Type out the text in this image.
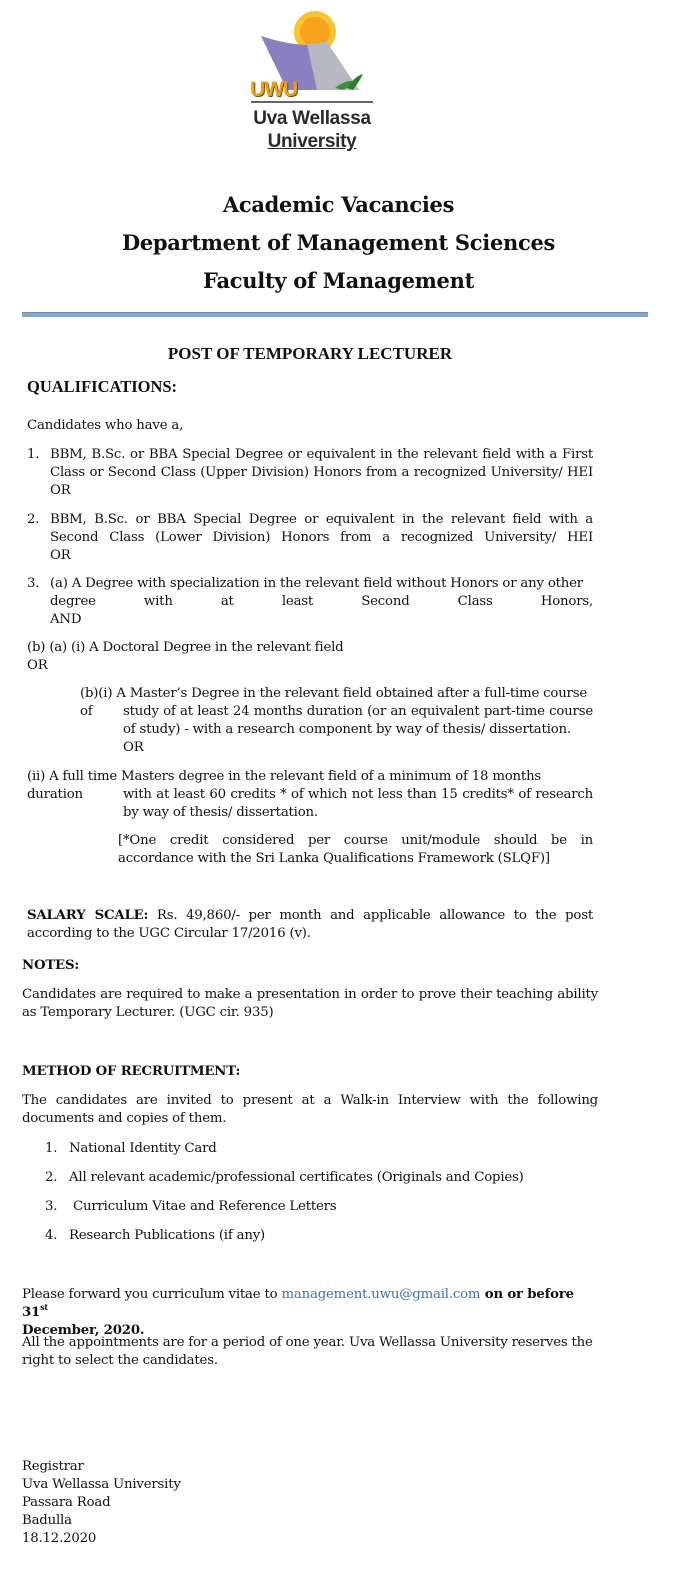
UWU
Uva Wellassa
University
Academic Vacancies
Department of Management Sciences
Faculty of Management
POST OF TEMPORARY LECTURER
QUALIFICATIONS:
Candidates who have a,
1. BBM, B.Sc. or BBA Special Degree or equivalent in the relevant field with a First Class or Second Class (Upper Division) Honors from a recognized University/ HEI
OR
2. BBM, B.Sc. or BBA Special Degree or equivalent in the relevant field with a Second Class (Lower Division) Honors from a recognized University/ HEI
OR
3. (a) A Degree with specialization in the relevant field without Honors or any other
degree with at least Second Class Honors,
AND
(b) (a) (i) A Doctoral Degree in the relevant field
OR
(b)(i) A Master’s Degree in the relevant field obtained after a full-time course of	study of at least 24 months duration (or an equivalent part-time course of study) - with a research component by way of thesis/ dissertation.
OR
(ii) A full time Masters degree in the relevant field of a minimum of 18 months duration	with at least 60 credits * of which not less than 15 credits* of research by way of thesis/ dissertation.
[*One credit considered per course unit/module should be in accordance with the Sri Lanka Qualifications Framework (SLQF)]
SALARY SCALE: Rs. 49,860/- per month and applicable allowance to the post according to the UGC Circular 17/2016 (v).
NOTES:
Candidates are required to make a presentation in order to prove their teaching ability as Temporary Lecturer. (UGC cir. 935)
METHOD OF RECRUITMENT:
The candidates are invited to present at a Walk-in Interview with the following
documents and copies of them.
1. National Identity Card
2. All relevant academic/professional certificates (Originals and Copies)
3. Curriculum Vitae and Reference Letters
4. Research Publications (if any)
Please forward you curriculum vitae to management.uwu@gmail.com on or before 31st
December, 2020.
All the appointments are for a period of one year. Uva Wellassa University reserves the right to select the candidates.
Registrar
Uva Wellassa University
Passara Road
Badulla
18.12.2020
